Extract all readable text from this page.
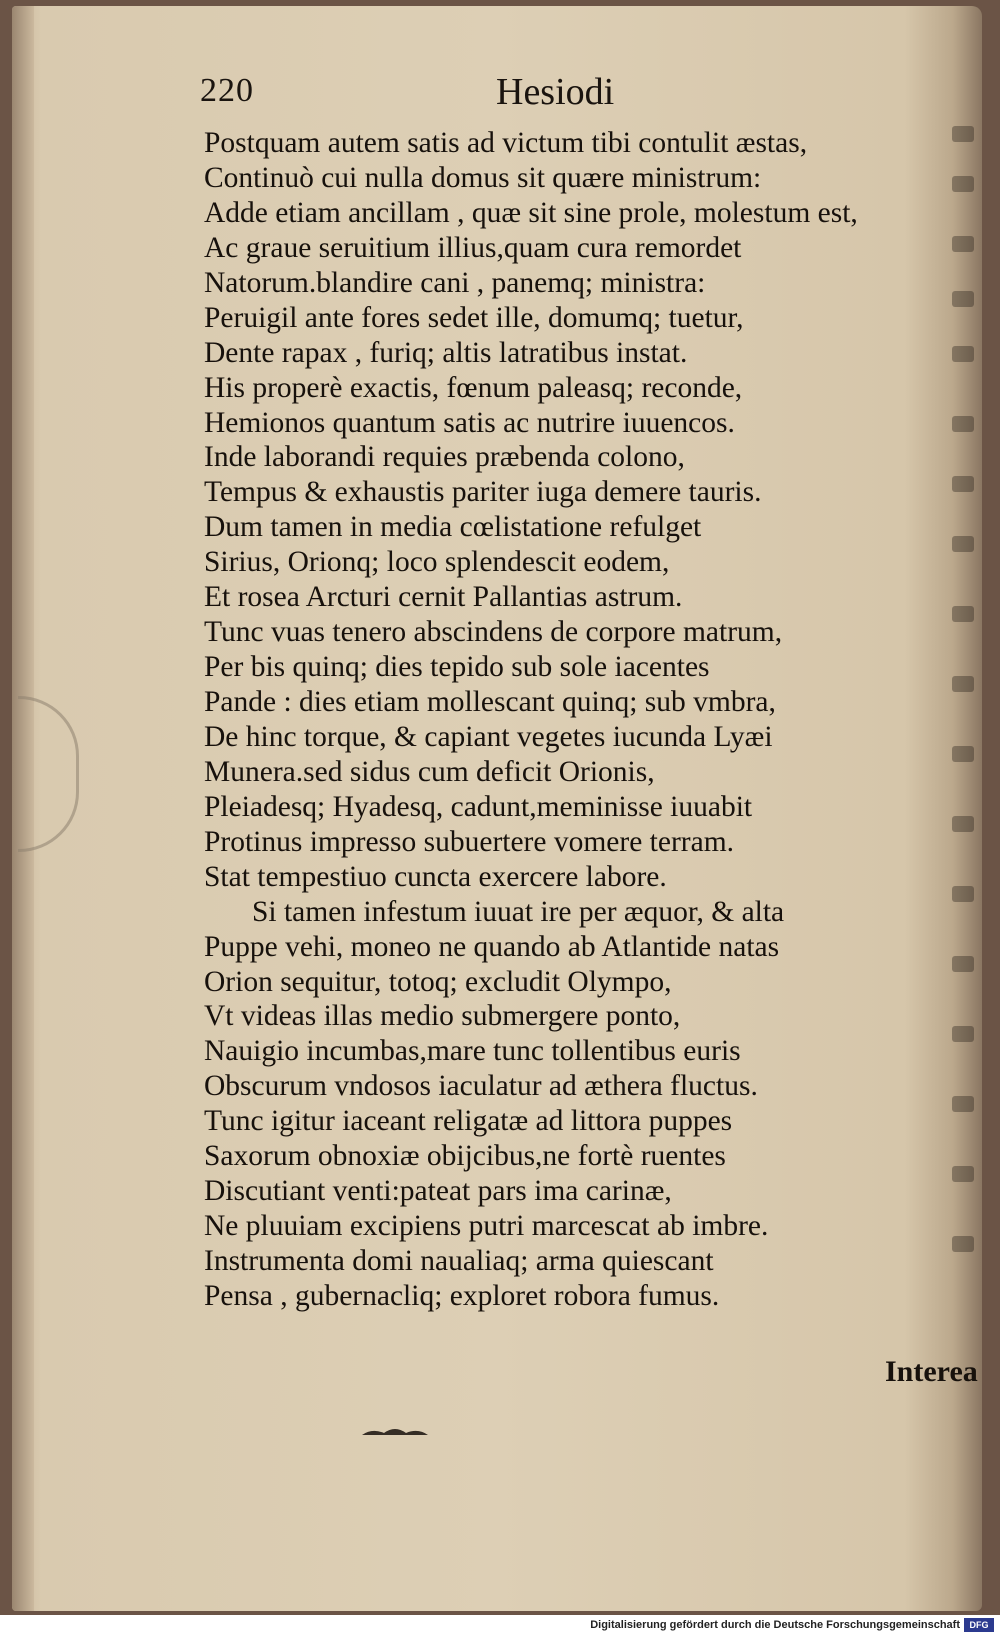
220	Hesiodi
Postquam autem satis ad victum tibi contulit æstas,
Continuò cui nulla domus sit quære ministrum:
Adde etiam ancillam , quæ sit sine prole, molestum est,
Ac graue seruitium illius,quam cura remordet
Natorum.blandire cani , panemq; ministra:
Peruigil ante fores sedet ille, domumq; tuetur,
Dente rapax , furiq; altis latratibus instat.
His properè exactis, fœnum paleasq; reconde,
Hemionos quantum satis ac nutrire iuuencos.
Inde laborandi requies præbenda colono,
Tempus & exhaustis pariter iuga demere tauris.
Dum tamen in media cœlistatione refulget
Sirius, Orionq; loco splendescit eodem,
Et rosea Arcturi cernit Pallantias astrum.
Tunc vuas tenero abscindens de corpore matrum,
Per bis quinq; dies tepido sub sole iacentes
Pande : dies etiam mollescant quinq; sub vmbra,
De hinc torque, & capiant vegetes iucunda Lyæi
Munera.sed sidus cum deficit Orionis,
Pleiadesq; Hyadesq, cadunt,meminisse iuuabit
Protinus impresso subuertere vomere terram.
Stat tempestiuo cuncta exercere labore.
Si tamen infestum iuuat ire per æquor, & alta
Puppe vehi, moneo ne quando ab Atlantide natas
Orion sequitur, totoq; excludit Olympo,
Vt videas illas medio submergere ponto,
Nauigio incumbas,mare tunc tollentibus euris
Obscurum vndosos iaculatur ad æthera fluctus.
Tunc igitur iaceant religatæ ad littora puppes
Saxorum obnoxiæ obijcibus,ne fortè ruentes
Discutiant venti:pateat pars ima carinæ,
Ne pluuiam excipiens putri marcescat ab imbre.
Instrumenta domi naualiaq; arma quiescant
Pensa , gubernacliq; exploret robora fumus.
Interea
Digitalisierung gefördert durch die Deutsche Forschungsgemeinschaft	DFG
